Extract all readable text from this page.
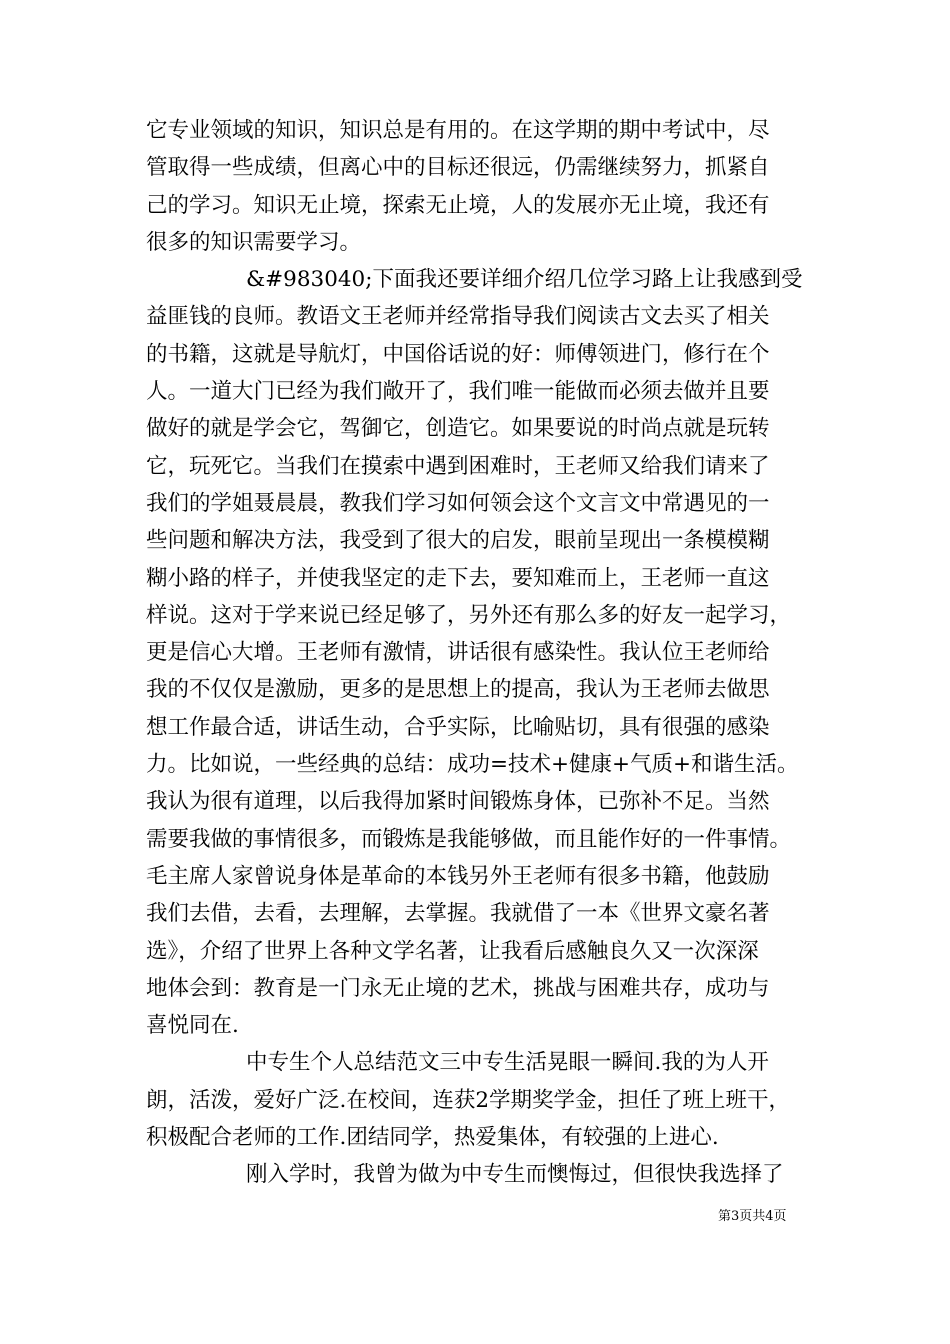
它专业领域的知识，知识总是有用的。在这学期的期中考试中，尽
管取得一些成绩，但离心中的目标还很远，仍需继续努力，抓紧自
己的学习。知识无止境，探索无止境，人的发展亦无止境，我还有
很多的知识需要学习。
&#983040;下面我还要详细介绍几位学习路上让我感到受
益匪钱的良师。教语文王老师并经常指导我们阅读古文去买了相关
的书籍，这就是导航灯，中国俗话说的好：师傅领进门，修行在个
人。一道大门已经为我们敞开了，我们唯一能做而必须去做并且要
做好的就是学会它，驾御它，创造它。如果要说的时尚点就是玩转
它，玩死它。当我们在摸索中遇到困难时，王老师又给我们请来了
我们的学姐聂晨晨，教我们学习如何领会这个文言文中常遇见的一
些问题和解决方法，我受到了很大的启发，眼前呈现出一条模模糊
糊小路的样子，并使我坚定的走下去，要知难而上，王老师一直这
样说。这对于学来说已经足够了，另外还有那么多的好友一起学习，
更是信心大增。王老师有激情，讲话很有感染性。我认位王老师给
我的不仅仅是激励，更多的是思想上的提高，我认为王老师去做思
想工作最合适，讲话生动，合乎实际，比喻贴切，具有很强的感染
力。比如说，一些经典的总结：成功=技术+健康+气质+和谐生活。
我认为很有道理，以后我得加紧时间锻炼身体，已弥补不足。当然
需要我做的事情很多，而锻炼是我能够做，而且能作好的一件事情。
毛主席人家曾说身体是革命的本钱另外王老师有很多书籍，他鼓励
我们去借，去看，去理解，去掌握。我就借了一本《世界文豪名著
选》，介绍了世界上各种文学名著，让我看后感触良久又一次深深
地体会到：教育是一门永无止境的艺术，挑战与困难共存，成功与
喜悦同在.
中专生个人总结范文三中专生活晃眼一瞬间.我的为人开
朗，活泼，爱好广泛.在校间，连获2学期奖学金，担任了班上班干，
积极配合老师的工作.团结同学，热爱集体，有较强的上进心.
刚入学时，我曾为做为中专生而懊悔过，但很快我选择了
第3页共4页
